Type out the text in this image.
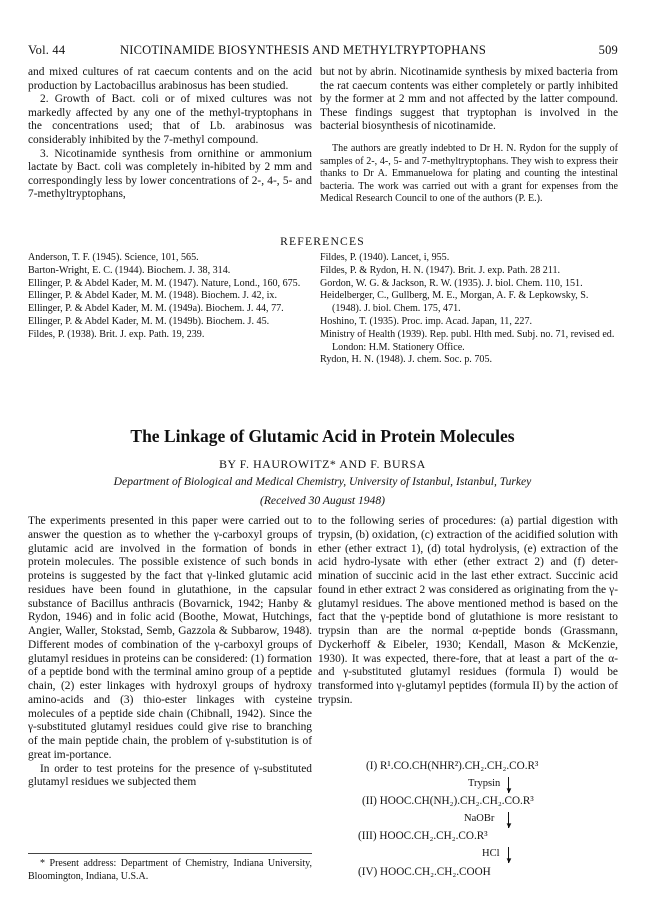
Vol. 44	NICOTINAMIDE BIOSYNTHESIS AND METHYLTRYPTOPHANS	509

and mixed cultures of rat caecum contents and on the acid production by Lactobacillus arabinosus has been studied.

2. Growth of Bact. coli or of mixed cultures was not markedly affected by any one of the methyl-tryptophans in the concentrations used; that of Lb. arabinosus was considerably inhibited by the 7-methyl compound.

3. Nicotinamide synthesis from ornithine or ammonium lactate by Bact. coli was completely in-hibited by 2 mm and correspondingly less by lower concentrations of 2-, 4-, 5- and 7-methyltryptophans,

but not by abrin. Nicotinamide synthesis by mixed bacteria from the rat caecum contents was either completely or partly inhibited by the former at 2 mm and not affected by the latter compound. These findings suggest that tryptophan is involved in the bacterial biosynthesis of nicotinamide.

The authors are greatly indebted to Dr H. N. Rydon for the supply of samples of 2-, 4-, 5- and 7-methyltryptophans. They wish to express their thanks to Dr A. Emmanuelowa for plating and counting the intestinal bacteria. The work was carried out with a grant for expenses from the Medical Research Council to one of the authors (P. E.).

REFERENCES

Anderson, T. F. (1945). Science, 101, 565.

Barton-Wright, E. C. (1944). Biochem. J. 38, 314.

Ellinger, P. & Abdel Kader, M. M. (1947). Nature, Lond., 160, 675.

Ellinger, P. & Abdel Kader, M. M. (1948). Biochem. J. 42, ix.

Ellinger, P. & Abdel Kader, M. M. (1949a). Biochem. J. 44, 77.

Ellinger, P. & Abdel Kader, M. M. (1949b). Biochem. J. 45.

Fildes, P. (1938). Brit. J. exp. Path. 19, 239.

Fildes, P. (1940). Lancet, i, 955.

Fildes, P. & Rydon, H. N. (1947). Brit. J. exp. Path. 28 211.

Gordon, W. G. & Jackson, R. W. (1935). J. biol. Chem. 110, 151.

Heidelberger, C., Gullberg, M. E., Morgan, A. F. & Lepkowsky, S. (1948). J. biol. Chem. 175, 471.

Hoshino, T. (1935). Proc. imp. Acad. Japan, 11, 227.

Ministry of Health (1939). Rep. publ. Hlth med. Subj. no. 71, revised ed. London: H.M. Stationery Office.

Rydon, H. N. (1948). J. chem. Soc. p. 705.

The Linkage of Glutamic Acid in Protein Molecules
BY F. HAUROWITZ* AND F. BURSA
Department of Biological and Medical Chemistry, University of Istanbul, Istanbul, Turkey
(Received 30 August 1948)

The experiments presented in this paper were carried out to answer the question as to whether the γ-carboxyl groups of glutamic acid are involved in the formation of bonds in protein molecules. The possible existence of such bonds in proteins is suggested by the fact that γ-linked glutamic acid residues have been found in glutathione, in the capsular substance of Bacillus anthracis (Bovarnick, 1942; Hanby & Rydon, 1946) and in folic acid (Boothe, Mowat, Hutchings, Angier, Waller, Stokstad, Semb, Gazzola & Subbarow, 1948). Different modes of combination of the γ-carboxyl groups of glutamyl residues in proteins can be considered: (1) formation of a peptide bond with the terminal amino group of a peptide chain, (2) ester linkages with hydroxyl groups of hydroxy amino-acids and (3) thio-ester linkages with cysteine molecules of a peptide side chain (Chibnall, 1942). Since the γ-substituted glutamyl residues could give rise to branching of the main peptide chain, the problem of γ-substitution is of great im-portance.

In order to test proteins for the presence of γ-substituted glutamyl residues we subjected them

to the following series of procedures: (a) partial digestion with trypsin, (b) oxidation, (c) extraction of the acidified solution with ether (ether extract 1), (d) total hydrolysis, (e) extraction of the acid hydro-lysate with ether (ether extract 2) and (f) deter-mination of succinic acid in the last ether extract. Succinic acid found in ether extract 2 was considered as originating from the γ-glutamyl residues. The above mentioned method is based on the fact that the γ-peptide bond of glutathione is more resistant to trypsin than are the normal α-peptide bonds (Grassmann, Dyckerhoff & Eibeler, 1930; Kendall, Mason & McKenzie, 1930). It was expected, there-fore, that at least a part of the α- and γ-substituted glutamyl residues (formula I) would be transformed into γ-glutamyl peptides (formula II) by the action of trypsin.

* Present address: Department of Chemistry, Indiana University, Bloomington, Indiana, U.S.A.

(I) R¹.CO.CH(NHR²).CH₂.CH₂.CO.R³
Trypsin
▼
(II) HOOC.CH(NH₂).CH₂.CH₂.CO.R³
NaOBr
▼
(III) HOOC.CH₂.CH₂.CO.R³
HCl
▼
(IV) HOOC.CH₂.CH₂.COOH
